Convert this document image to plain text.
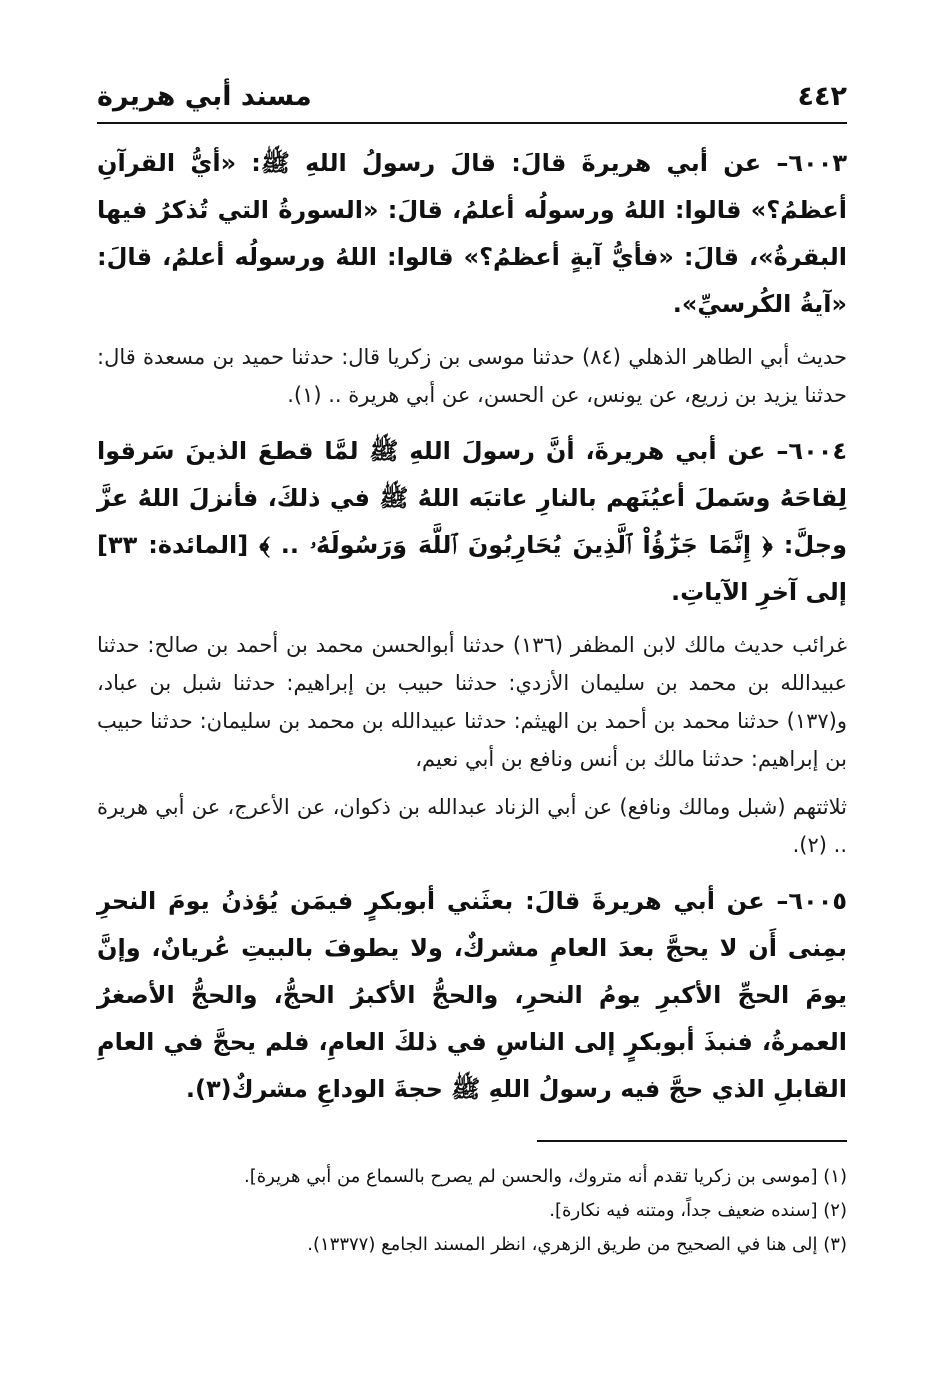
٤٤٢
مسند أبي هريرة

٦٠٠٣– عن أبي هريرةَ قالَ: قالَ رسولُ اللهِ ﷺ: «أيُّ القرآنِ أعظمُ؟» قالوا: اللهُ ورسولُه أعلمُ، قالَ: «السورةُ التي تُذكرُ فيها البقرةُ»، قالَ: «فأيُّ آيةٍ أعظمُ؟» قالوا: اللهُ ورسولُه أعلمُ، قالَ: «آيةُ الكُرسيِّ».

حديث أبي الطاهر الذهلي (٨٤) حدثنا موسى بن زكريا قال: حدثنا حميد بن مسعدة قال: حدثنا يزيد بن زريع، عن يونس، عن الحسن، عن أبي هريرة .. (١).

٦٠٠٤– عن أبي هريرةَ، أنَّ رسولَ اللهِ ﷺ لمَّا قطعَ الذينَ سَرقوا لِقاحَهُ وسَملَ أعيُنَهم بالنارِ عاتبَه اللهُ ﷺ في ذلكَ، فأنزلَ اللهُ عزَّ وجلَّ: ﴿ إِنَّمَا جَزَٰٓؤُاْ ٱلَّذِينَ يُحَارِبُونَ ٱللَّهَ وَرَسُولَهُۥ .. ﴾ [المائدة: ٣٣] إلى آخرِ الآياتِ.

غرائب حديث مالك لابن المظفر (١٣٦) حدثنا أبوالحسن محمد بن أحمد بن صالح: حدثنا عبيدالله بن محمد بن سليمان الأزدي: حدثنا حبيب بن إبراهيم: حدثنا شبل بن عباد، و(١٣٧) حدثنا محمد بن أحمد بن الهيثم: حدثنا عبيدالله بن محمد بن سليمان: حدثنا حبيب بن إبراهيم: حدثنا مالك بن أنس ونافع بن أبي نعيم،

ثلاثتهم (شبل ومالك ونافع) عن أبي الزناد عبدالله بن ذكوان، عن الأعرج، عن أبي هريرة .. (٢).

٦٠٠٥– عن أبي هريرةَ قالَ: بعثَني أبوبكرٍ فيمَن يُؤذنُ يومَ النحرِ بمِنى أَن لا يحجَّ بعدَ العامِ مشركٌ، ولا يطوفَ بالبيتِ عُريانٌ، وإنَّ يومَ الحجِّ الأكبرِ يومُ النحرِ، والحجُّ الأكبرُ الحجُّ، والحجُّ الأصغرُ العمرةُ، فنبذَ أبوبكرٍ إلى الناسِ في ذلكَ العامِ، فلم يحجَّ في العامِ القابلِ الذي حجَّ فيه رسولُ اللهِ ﷺ حجةَ الوداعِ مشركٌ(٣).

(١) [موسى بن زكريا تقدم أنه متروك، والحسن لم يصرح بالسماع من أبي هريرة].

(٢) [سنده ضعيف جداً، ومتنه فيه نكارة].

(٣) إلى هنا في الصحيح من طريق الزهري، انظر المسند الجامع (١٣٣٧٧).
